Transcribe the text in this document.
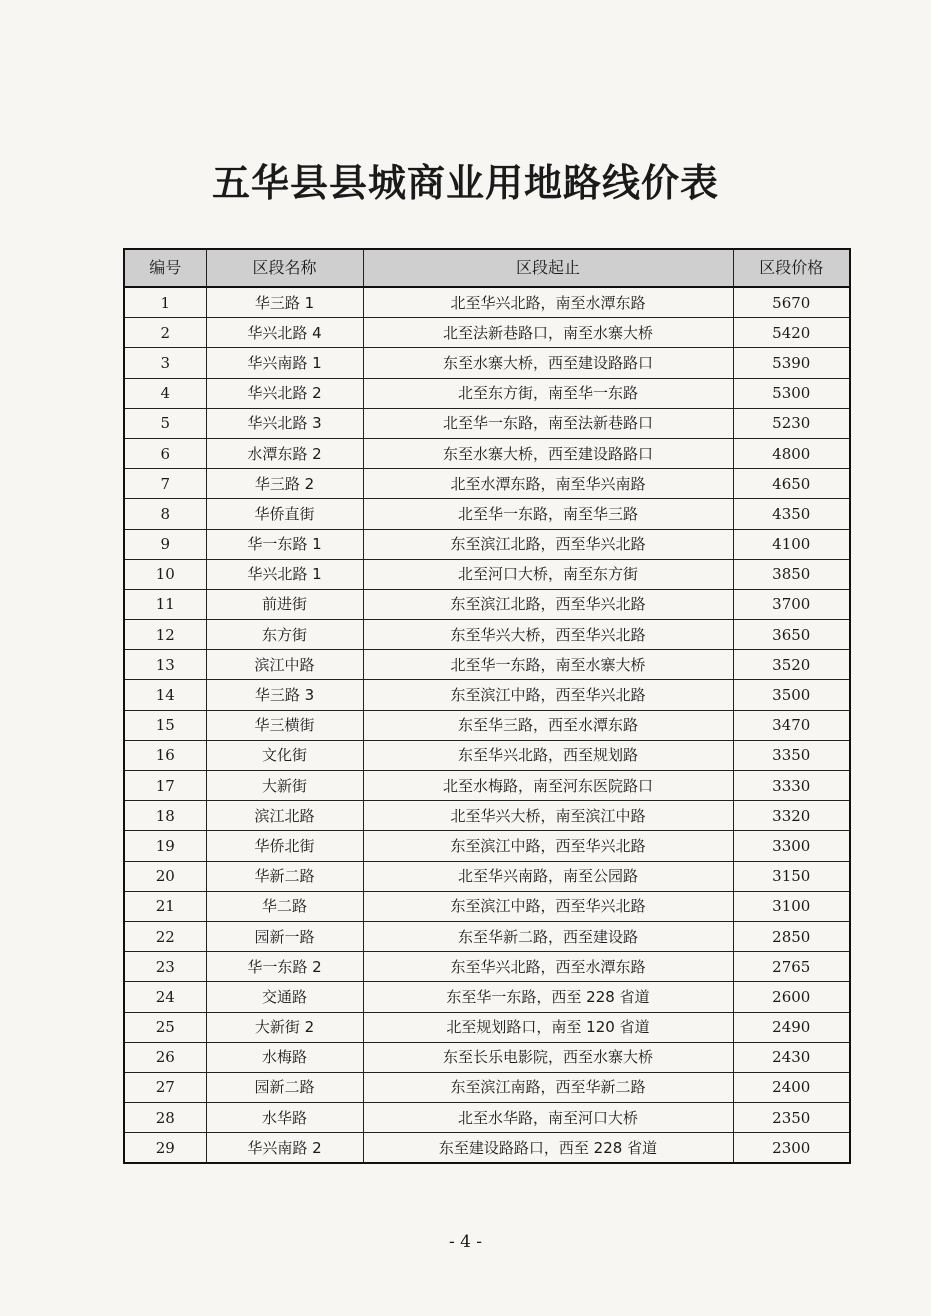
五华县县城商业用地路线价表
编号	区段名称	区段起止	区段价格
1	华三路 1	北至华兴北路，南至水潭东路	5670
2	华兴北路 4	北至法新巷路口，南至水寨大桥	5420
3	华兴南路 1	东至水寨大桥，西至建设路路口	5390
4	华兴北路 2	北至东方街，南至华一东路	5300
5	华兴北路 3	北至华一东路，南至法新巷路口	5230
6	水潭东路 2	东至水寨大桥，西至建设路路口	4800
7	华三路 2	北至水潭东路，南至华兴南路	4650
8	华侨直街	北至华一东路，南至华三路	4350
9	华一东路 1	东至滨江北路，西至华兴北路	4100
10	华兴北路 1	北至河口大桥，南至东方街	3850
11	前进街	东至滨江北路，西至华兴北路	3700
12	东方街	东至华兴大桥，西至华兴北路	3650
13	滨江中路	北至华一东路，南至水寨大桥	3520
14	华三路 3	东至滨江中路，西至华兴北路	3500
15	华三横街	东至华三路，西至水潭东路	3470
16	文化街	东至华兴北路，西至规划路	3350
17	大新街	北至水梅路，南至河东医院路口	3330
18	滨江北路	北至华兴大桥，南至滨江中路	3320
19	华侨北街	东至滨江中路，西至华兴北路	3300
20	华新二路	北至华兴南路，南至公园路	3150
21	华二路	东至滨江中路，西至华兴北路	3100
22	园新一路	东至华新二路，西至建设路	2850
23	华一东路 2	东至华兴北路，西至水潭东路	2765
24	交通路	东至华一东路，西至 228 省道	2600
25	大新街 2	北至规划路口，南至 120 省道	2490
26	水梅路	东至长乐电影院，西至水寨大桥	2430
27	园新二路	东至滨江南路，西至华新二路	2400
28	水华路	北至水华路，南至河口大桥	2350
29	华兴南路 2	东至建设路路口，西至 228 省道	2300
- 4 -
